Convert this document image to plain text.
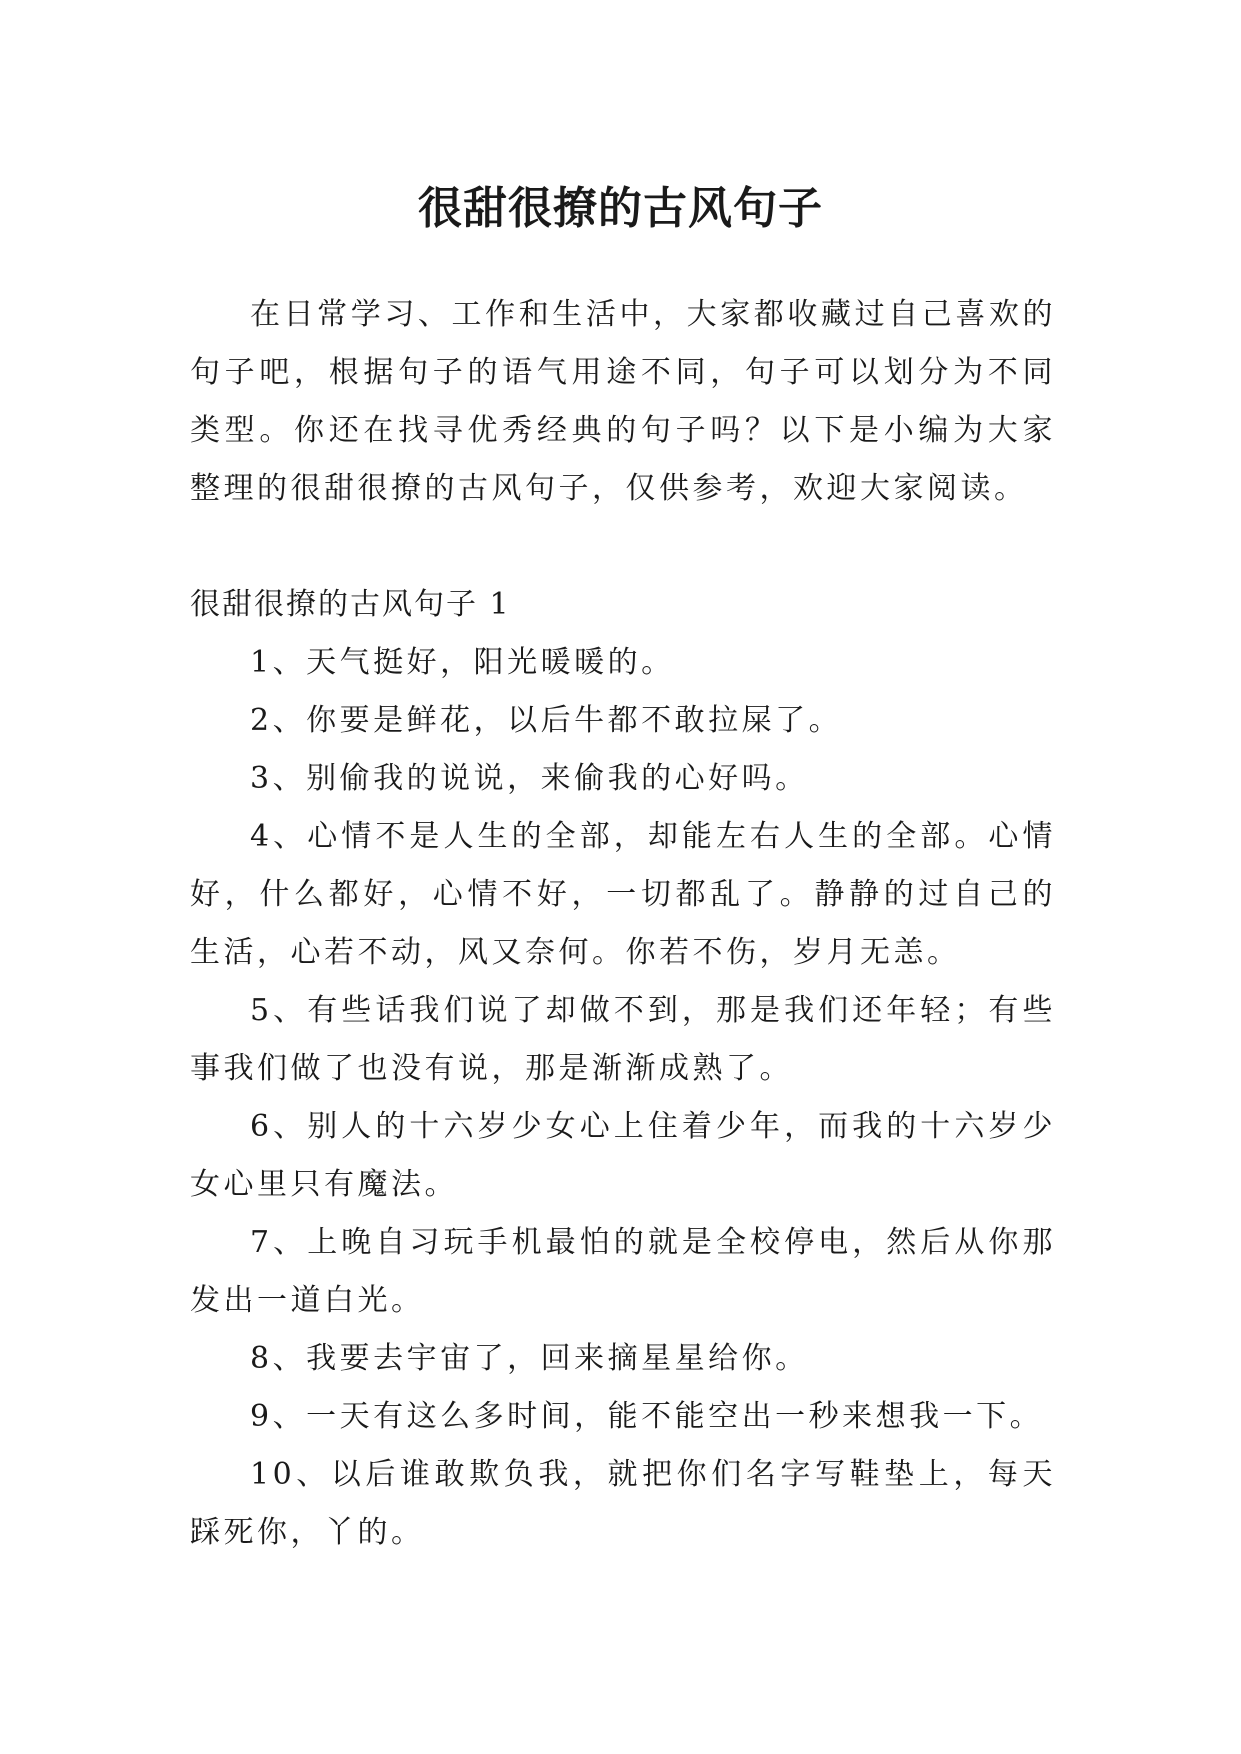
很甜很撩的古风句子

在日常学习、工作和生活中，大家都收藏过自己喜欢的句子吧，根据句子的语气用途不同，句子可以划分为不同类型。你还在找寻优秀经典的句子吗？以下是小编为大家整理的很甜很撩的古风句子，仅供参考，欢迎大家阅读。

很甜很撩的古风句子 1

1、天气挺好，阳光暖暖的。

2、你要是鲜花，以后牛都不敢拉屎了。

3、别偷我的说说，来偷我的心好吗。

4、心情不是人生的全部，却能左右人生的全部。心情好，什么都好，心情不好，一切都乱了。静静的过自己的生活，心若不动，风又奈何。你若不伤，岁月无恙。

5、有些话我们说了却做不到，那是我们还年轻；有些事我们做了也没有说，那是渐渐成熟了。

6、别人的十六岁少女心上住着少年，而我的十六岁少女心里只有魔法。

7、上晚自习玩手机最怕的就是全校停电，然后从你那发出一道白光。

8、我要去宇宙了，回来摘星星给你。

9、一天有这么多时间，能不能空出一秒来想我一下。

10、以后谁敢欺负我，就把你们名字写鞋垫上，每天踩死你，丫的。
